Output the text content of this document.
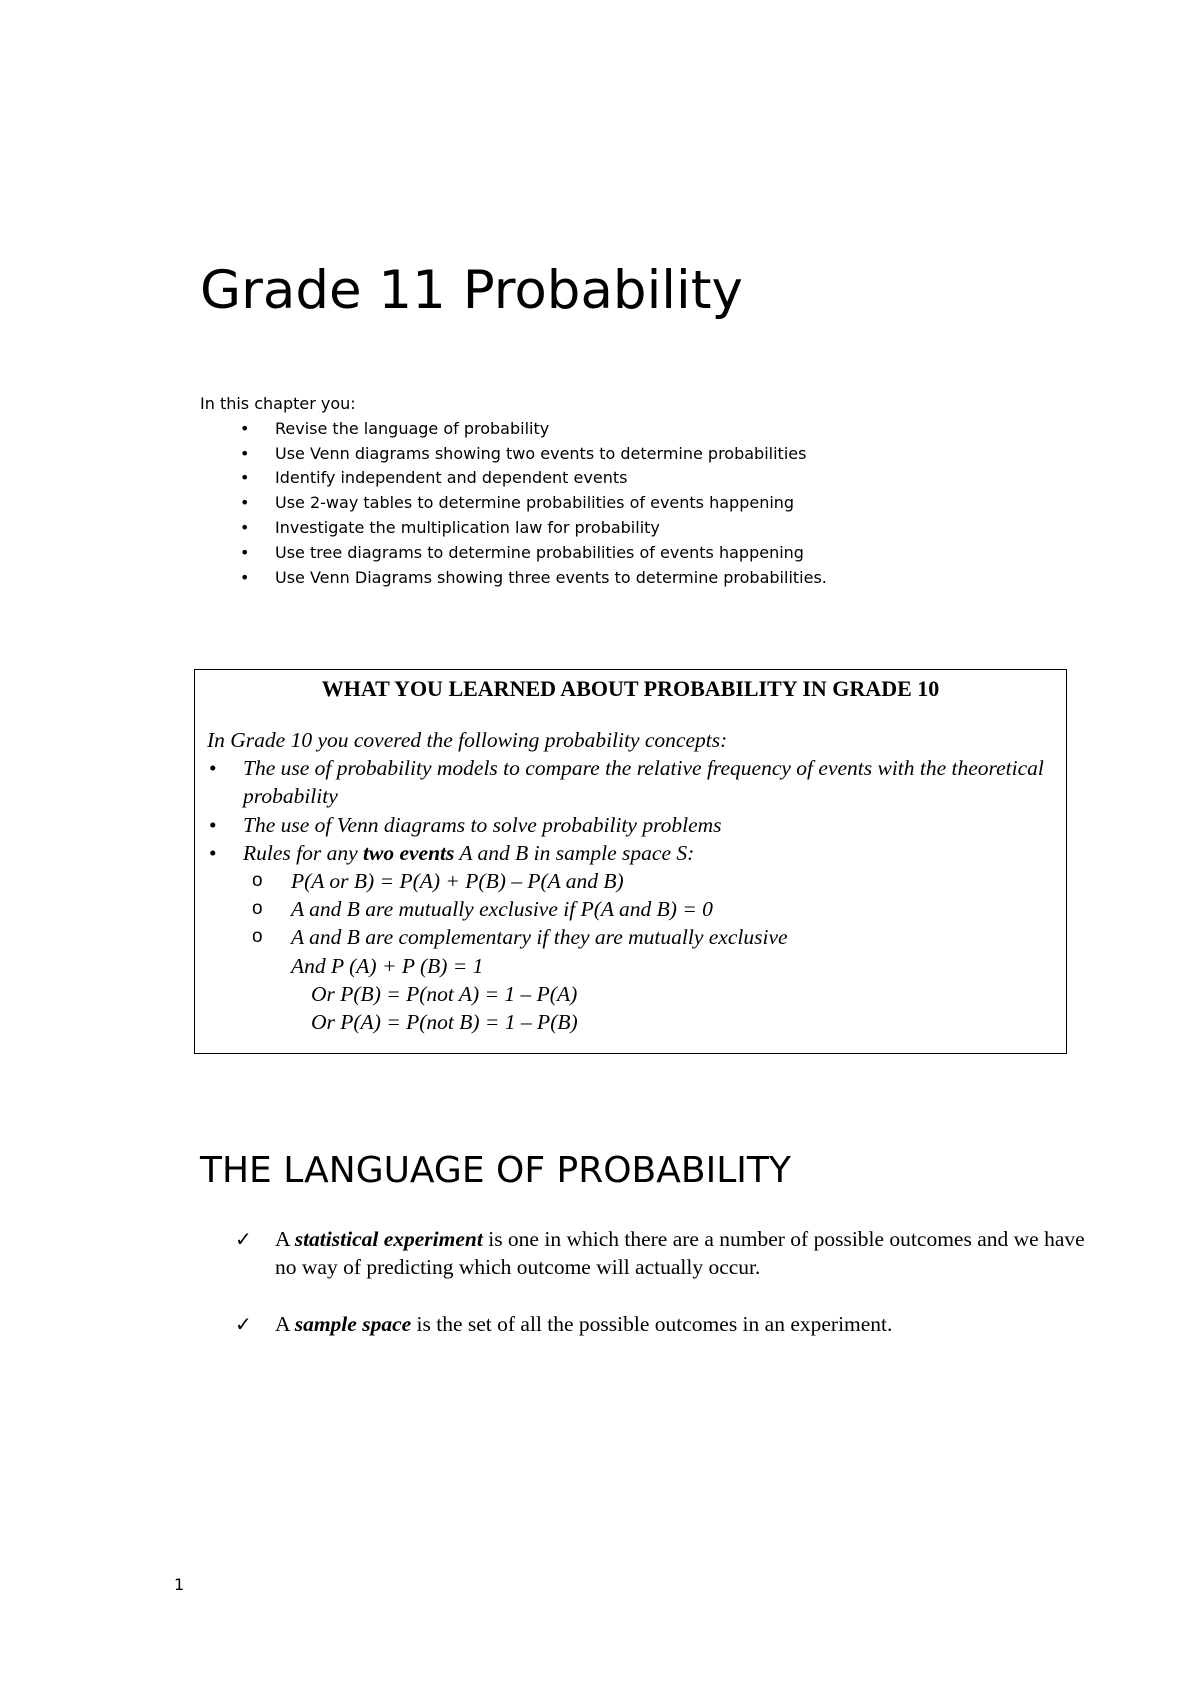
Grade 11 Probability
In this chapter you:
• Revise the language of probability
• Use Venn diagrams showing two events to determine probabilities
• Identify independent and dependent events
• Use 2-way tables to determine probabilities of events happening
• Investigate the multiplication law for probability
• Use tree diagrams to determine probabilities of events happening
• Use Venn Diagrams showing three events to determine probabilities.
WHAT YOU LEARNED ABOUT PROBABILITY IN GRADE 10
In Grade 10 you covered the following probability concepts:
• The use of probability models to compare the relative frequency of events with the theoretical probability
• The use of Venn diagrams to solve probability problems
• Rules for any two events A and B in sample space S:
o P(A or B) = P(A) + P(B) – P(A and B)
o A and B are mutually exclusive if P(A and B) = 0
o A and B are complementary if they are mutually exclusive
And P (A) + P (B) = 1
Or P(B) = P(not A) = 1 – P(A)
Or P(A) = P(not B) = 1 – P(B)
THE LANGUAGE OF PROBABILITY
✓ A statistical experiment is one in which there are a number of possible outcomes and we have no way of predicting which outcome will actually occur.
✓ A sample space is the set of all the possible outcomes in an experiment.
1
